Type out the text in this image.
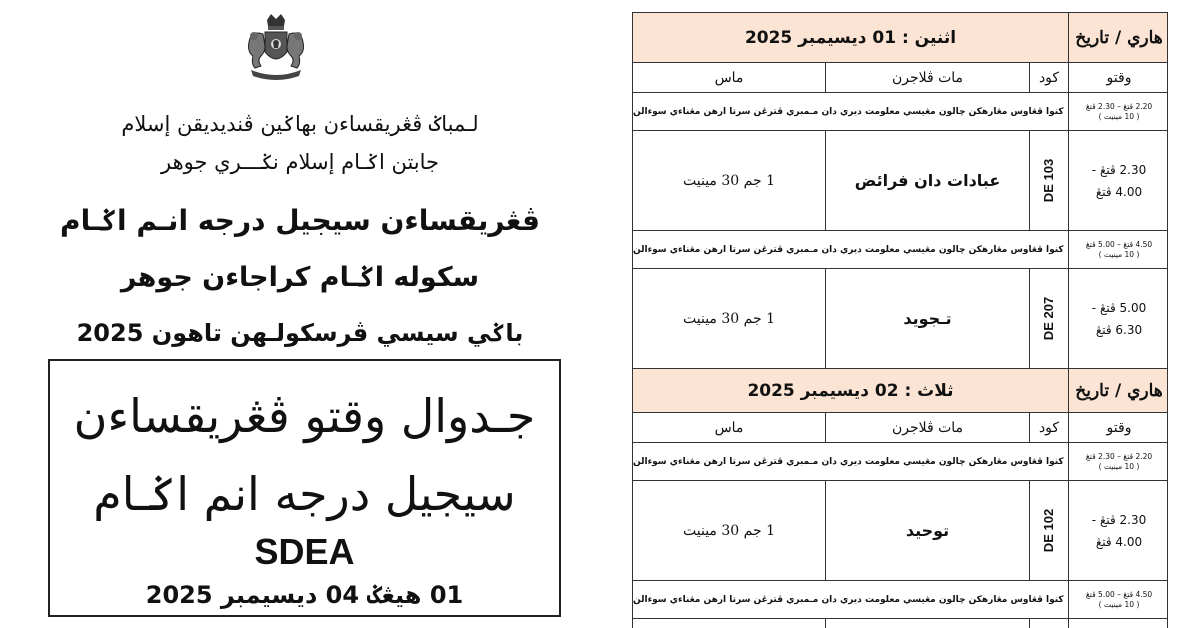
لـمباݢ ڤڠريقساءن بهاݢين ڤنديديقن إسلام
جابتن اݢـام إسلام نݢـــري جوهر
ڤڠريقساءن سيجيل درجه انـم اݢـام
سكوله اݢـام كراجاءن جوهر
باݢي سيسي ڤرسكولـهن تاهون 2025
جـدوال وقتو ڤڠريقساءن
سيجيل درجه انم اݢـام
SDEA
01 هيڠݢ 04 ديسيمبر 2025
اثنين : 01 ديسيمبر 2025	هاري / تاريخ
ماس	مات ڤلاجرن	كود	وقتو
كنوا ڤڠاوس مڠارهكن چالون مڠيسي معلومت ديري دان مـمبري ڤترڠن سرتا ارهن مڠناءي سوءالن
2.20 ڤتڠ – 2.30 ڤتڠ
( 10 مينيت )
1 جم 30 مينيت	عبادات دان فرائض	DE 103	2.30 ڤتڠ -
4.00 ڤتڠ
كنوا ڤڠاوس مڠارهكن چالون مڠيسي معلومت ديري دان مـمبري ڤترڠن سرتا ارهن مڠناءي سوءالن
4.50 ڤتڠ – 5.00 ڤتڠ
( 10 مينيت )
1 جم 30 مينيت	تـجويد	DE 207	5.00 ڤتڠ -
6.30 ڤتڠ
ثلاث : 02 ديسيمبر 2025	هاري / تاريخ
ماس	مات ڤلاجرن	كود	وقتو
كنوا ڤڠاوس مڠارهكن چالون مڠيسي معلومت ديري دان مـمبري ڤترڠن سرتا ارهن مڠناءي سوءالن
2.20 ڤتڠ – 2.30 ڤتڠ
( 10 مينيت )
1 جم 30 مينيت	توحيد	DE 102	2.30 ڤتڠ -
4.00 ڤتڠ
كنوا ڤڠاوس مڠارهكن چالون مڠيسي معلومت ديري دان مـمبري ڤترڠن سرتا ارهن مڠناءي سوءالن
4.50 ڤتڠ – 5.00 ڤتڠ
( 10 مينيت )
